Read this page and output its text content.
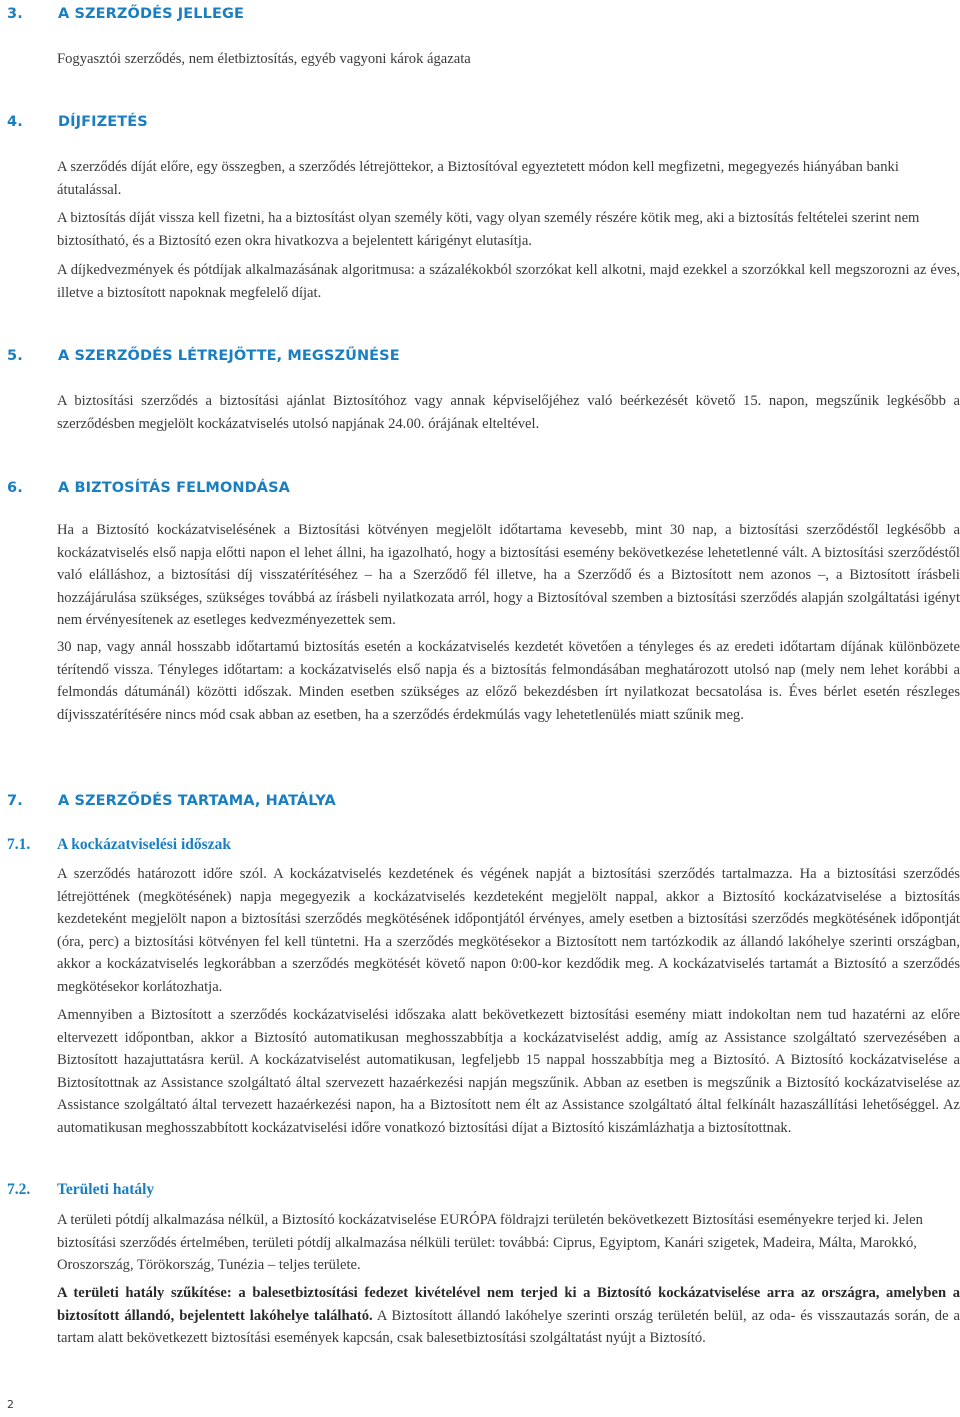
3. A SZERZŐDÉS JELLEGE

Fogyasztói szerződés, nem életbiztosítás, egyéb vagyoni károk ágazata

4. DÍJFIZETÉS

A szerződés díját előre, egy összegben, a szerződés létrejöttekor, a Biztosítóval egyeztetett módon kell megfizetni, megegyezés hiányában banki átutalással.

A biztosítás díját vissza kell fizetni, ha a biztosítást olyan személy köti, vagy olyan személy részére kötik meg, aki a biztosítás feltételei szerint nem biztosítható, és a Biztosító ezen okra hivatkozva a bejelentett kárigényt elutasítja.

A díjkedvezmények és pótdíjak alkalmazásának algoritmusa: a százalékokból szorzókat kell alkotni, majd ezekkel a szorzókkal kell megszorozni az éves, illetve a biztosított napoknak megfelelő díjat.

5. A SZERZŐDÉS LÉTREJÖTTE, MEGSZŰNÉSE

A biztosítási szerződés a biztosítási ajánlat Biztosítóhoz vagy annak képviselőjéhez való beérkezését követő 15. napon, megszűnik legkésőbb a szerződésben megjelölt kockázatviselés utolsó napjának 24.00. órájának elteltével.

6. A BIZTOSÍTÁS FELMONDÁSA

Ha a Biztosító kockázatviselésének a Biztosítási kötvényen megjelölt időtartama kevesebb, mint 30 nap, a biztosítási szerződéstől legkésőbb a kockázatviselés első napja előtti napon el lehet állni, ha igazolható, hogy a biztosítási esemény bekövetkezése lehetetlenné vált. A biztosítási szerződéstől való elálláshoz, a biztosítási díj visszatérítéséhez – ha a Szerződő fél illetve, ha a Szerződő és a Biztosított nem azonos –, a Biztosított írásbeli hozzájárulása szükséges, szükséges továbbá az írásbeli nyilatkozata arról, hogy a Biztosítóval szemben a biztosítási szerződés alapján szolgáltatási igényt nem érvényesítenek az esetleges kedvezményezettek sem.

30 nap, vagy annál hosszabb időtartamú biztosítás esetén a kockázatviselés kezdetét követően a tényleges és az eredeti időtartam díjának különbözete térítendő vissza. Tényleges időtartam: a kockázatviselés első napja és a biztosítás felmondásában meghatározott utolsó nap (mely nem lehet korábbi a felmondás dátumánál) közötti időszak. Minden esetben szükséges az előző bekezdésben írt nyilatkozat becsatolása is. Éves bérlet esetén részleges díjvisszatérítésére nincs mód csak abban az esetben, ha a szerződés érdekmúlás vagy lehetetlenülés miatt szűnik meg.

7. A SZERZŐDÉS TARTAMA, HATÁLYA
7.1. A kockázatviselési időszak

A szerződés határozott időre szól. A kockázatviselés kezdetének és végének napját a biztosítási szerződés tartalmazza. Ha a biztosítási szerződés létrejöttének (megkötésének) napja megegyezik a kockázatviselés kezdeteként megjelölt nappal, akkor a Biztosító kockázatviselése a biztosítás kezdeteként megjelölt napon a biztosítási szerződés megkötésének időpontjától érvényes, amely esetben a biztosítási szerződés megkötésének időpontját (óra, perc) a biztosítási kötvényen fel kell tüntetni. Ha a szerződés megkötésekor a Biztosított nem tartózkodik az állandó lakóhelye szerinti országban, akkor a kockázatviselés legkorábban a szerződés megkötését követő napon 0:00-kor kezdődik meg. A kockázatviselés tartamát a Biztosító a szerződés megkötésekor korlátozhatja.

Amennyiben a Biztosított a szerződés kockázatviselési időszaka alatt bekövetkezett biztosítási esemény miatt indokoltan nem tud hazatérni az előre eltervezett időpontban, akkor a Biztosító automatikusan meghosszabbítja a kockázatviselést addig, amíg az Assistance szolgáltató szervezésében a Biztosított hazajuttatásra kerül. A kockázatviselést automatikusan, legfeljebb 15 nappal hosszabbítja meg a Biztosító. A Biztosító kockázatviselése a Biztosítottnak az Assistance szolgáltató által szervezett hazaérkezési napján megszűnik. Abban az esetben is megszűnik a Biztosító kockázatviselése az Assistance szolgáltató által tervezett hazaérkezési napon, ha a Biztosított nem élt az Assistance szolgáltató által felkínált hazaszállítási lehetőséggel. Az automatikusan meghosszabbított kockázatviselési időre vonatkozó biztosítási díjat a Biztosító kiszámlázhatja a biztosítottnak.

7.2. Területi hatály

A területi pótdíj alkalmazása nélkül, a Biztosító kockázatviselése EURÓPA földrajzi területén bekövetkezett Biztosítási eseményekre terjed ki. Jelen biztosítási szerződés értelmében, területi pótdíj alkalmazása nélküli terület: továbbá: Ciprus, Egyiptom, Kanári szigetek, Madeira, Málta, Marokkó, Oroszország, Törökország, Tunézia – teljes területe.

A területi hatály szűkítése: a balesetbiztosítási fedezet kivételével nem terjed ki a Biztosító kockázatviselése arra az országra, amelyben a biztosított állandó, bejelentett lakóhelye található. A Biztosított állandó lakóhelye szerinti ország területén belül, az oda- és visszautazás során, de a tartam alatt bekövetkezett biztosítási események kapcsán, csak balesetbiztosítási szolgáltatást nyújt a Biztosító.

2
